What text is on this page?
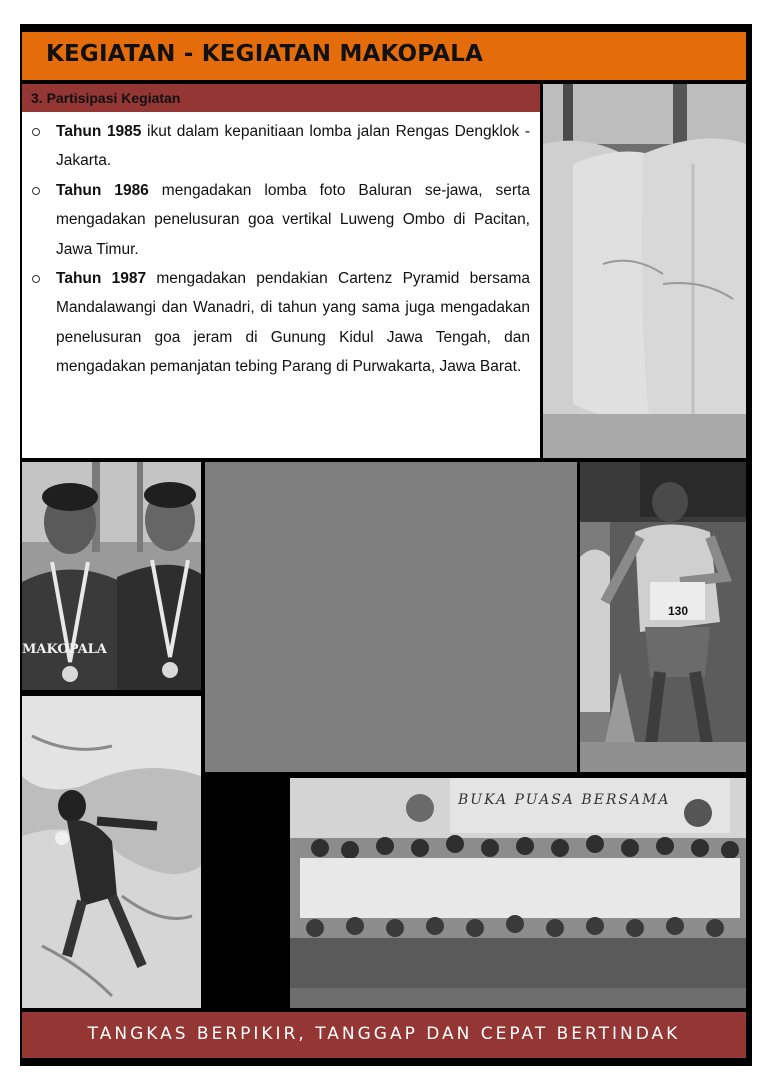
KEGIATAN - KEGIATAN MAKOPALA
3. Partisipasi Kegiatan
Tahun 1985 ikut dalam kepanitiaan lomba jalan Rengas Dengklok - Jakarta.
Tahun 1986 mengadakan lomba foto Baluran se-jawa, serta mengadakan penelusuran goa vertikal Luweng Ombo di Pacitan, Jawa Timur.
Tahun 1987 mengadakan pendakian Cartenz Pyramid bersama Mandalawangi dan Wanadri, di tahun yang sama juga mengadakan penelusuran goa jeram di Gunung Kidul Jawa Tengah, dan mengadakan pemanjatan tebing Parang di Purwakarta, Jawa Barat.
MAKOPALA
130
BUKA PUASA BERSAMA
TANGKAS BERPIKIR, TANGGAP DAN CEPAT BERTINDAK
